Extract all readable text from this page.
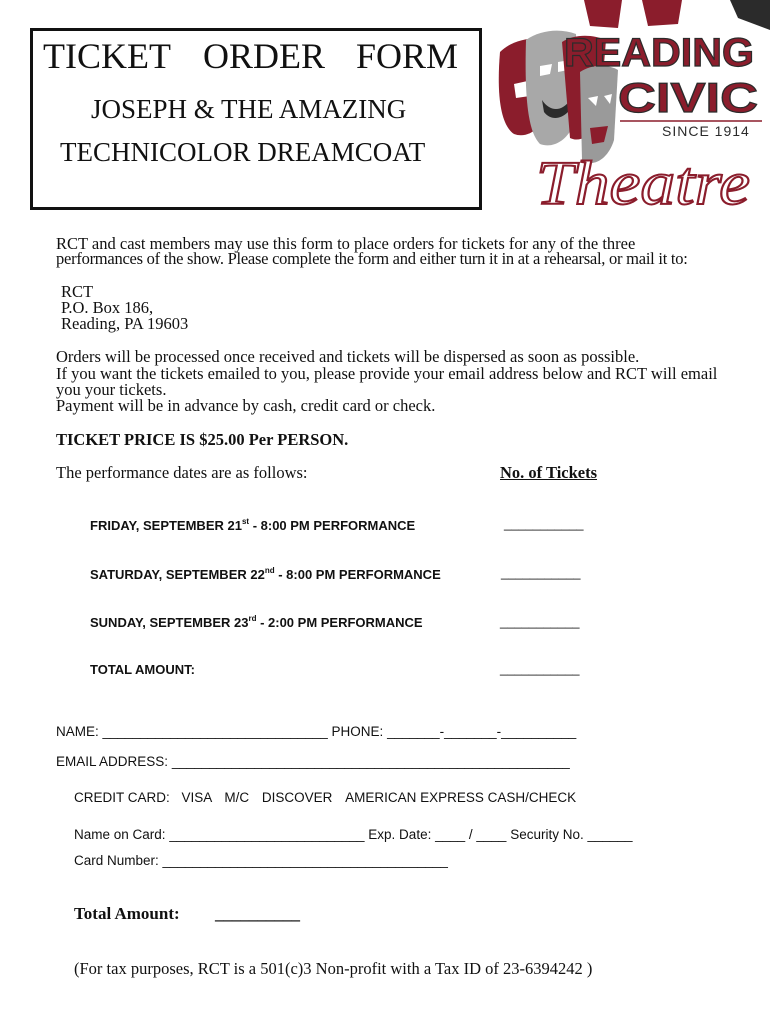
TICKET ORDER FORM
JOSEPH & THE AMAZING
TECHNICOLOR DREAMCOAT
READING
CIVIC
SINCE 1914
Theatre
RCT and cast members may use this form to place orders for tickets for any of the three
performances of the show. Please complete the form and either turn it in at a rehearsal, or mail it to:
RCT
P.O. Box 186,
Reading, PA 19603
Orders will be processed once received and tickets will be dispersed as soon as possible.
If you want the tickets emailed to you, please provide your email address below and RCT will email
you your tickets.
Payment will be in advance by cash, credit card or check.
TICKET PRICE IS $25.00 Per PERSON.
The performance dates are as follows:	No. of Tickets
FRIDAY, SEPTEMBER 21st - 8:00 PM PERFORMANCE	___________
SATURDAY, SEPTEMBER 22nd - 8:00 PM PERFORMANCE	___________
SUNDAY, SEPTEMBER 23rd - 2:00 PM PERFORMANCE	___________
TOTAL AMOUNT:	___________
NAME: ______________________________ PHONE: _______-_______-__________
EMAIL ADDRESS: _____________________________________________________
CREDIT CARD: VISA M/C DISCOVER AMERICAN EXPRESS CASH/CHECK
Name on Card: __________________________ Exp. Date: ____ / ____ Security No. ______
Card Number: ______________________________________
Total Amount: __________
(For tax purposes, RCT is a 501(c)3 Non-profit with a Tax ID of 23-6394242 )
